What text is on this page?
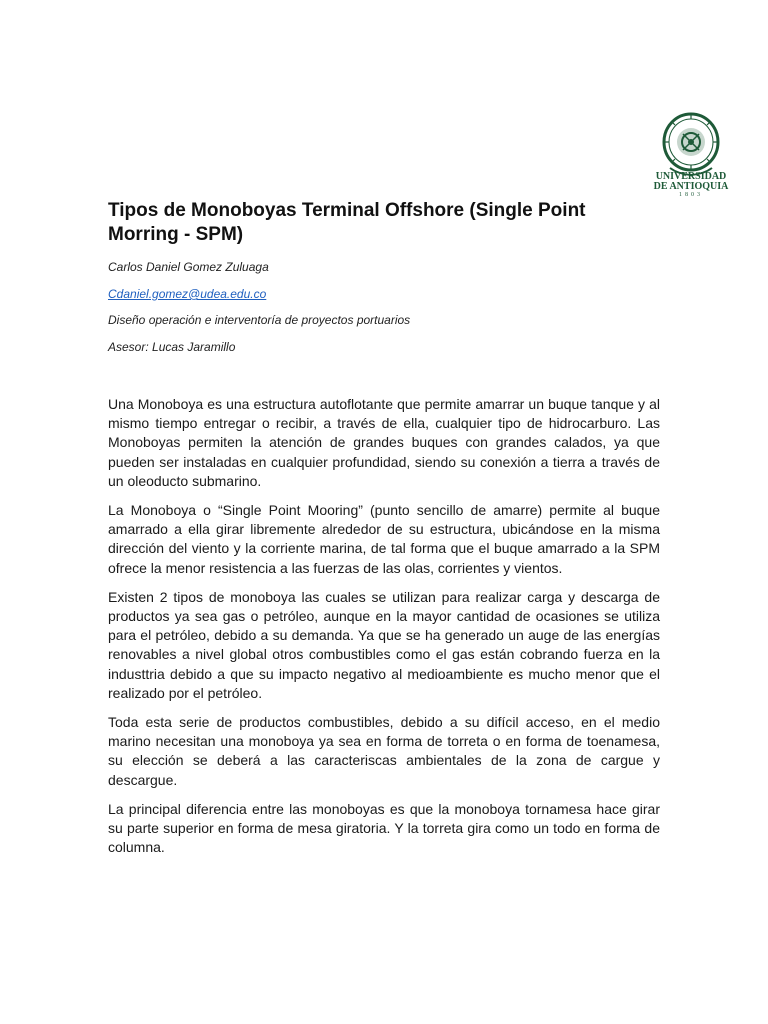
UNIVERSIDAD
DE ANTIOQUIA
1803
Tipos de Monoboyas Terminal Offshore (Single Point Morring - SPM)

Carlos Daniel Gomez Zuluaga

Cdaniel.gomez@udea.edu.co

Diseño operación e interventoría de proyectos portuarios

Asesor: Lucas Jaramillo

Una Monoboya es una estructura autoflotante que permite amarrar un buque tanque y al mismo tiempo entregar o recibir, a través de ella, cualquier tipo de hidrocarburo. Las Monoboyas permiten la atención de grandes buques con grandes calados, ya que pueden ser instaladas en cualquier profundidad, siendo su conexión a tierra a través de un oleoducto submarino.

La Monoboya o “Single Point Mooring” (punto sencillo de amarre) permite al buque amarrado a ella girar libremente alrededor de su estructura, ubicándose en la misma dirección del viento y la corriente marina, de tal forma que el buque amarrado a la SPM ofrece la menor resistencia a las fuerzas de las olas, corrientes y vientos.

Existen 2 tipos de monoboya las cuales se utilizan para realizar carga y descarga de productos ya sea gas o petróleo, aunque en la mayor cantidad de ocasiones se utiliza para el petróleo, debido a su demanda. Ya que se ha generado un auge de las energías renovables a nivel global otros combustibles como el gas están cobrando fuerza en la industtria debido a que su impacto negativo al medioambiente es mucho menor que el realizado por el petróleo.

Toda esta serie de productos combustibles, debido a su difícil acceso, en el medio marino necesitan una monoboya ya sea en forma de torreta o en forma de toenamesa, su elección se deberá a las caracteriscas ambientales de la zona de cargue y descargue.

La principal diferencia entre las monoboyas es que la monoboya tornamesa hace girar su parte superior en forma de mesa giratoria. Y la torreta gira como un todo en forma de columna.
